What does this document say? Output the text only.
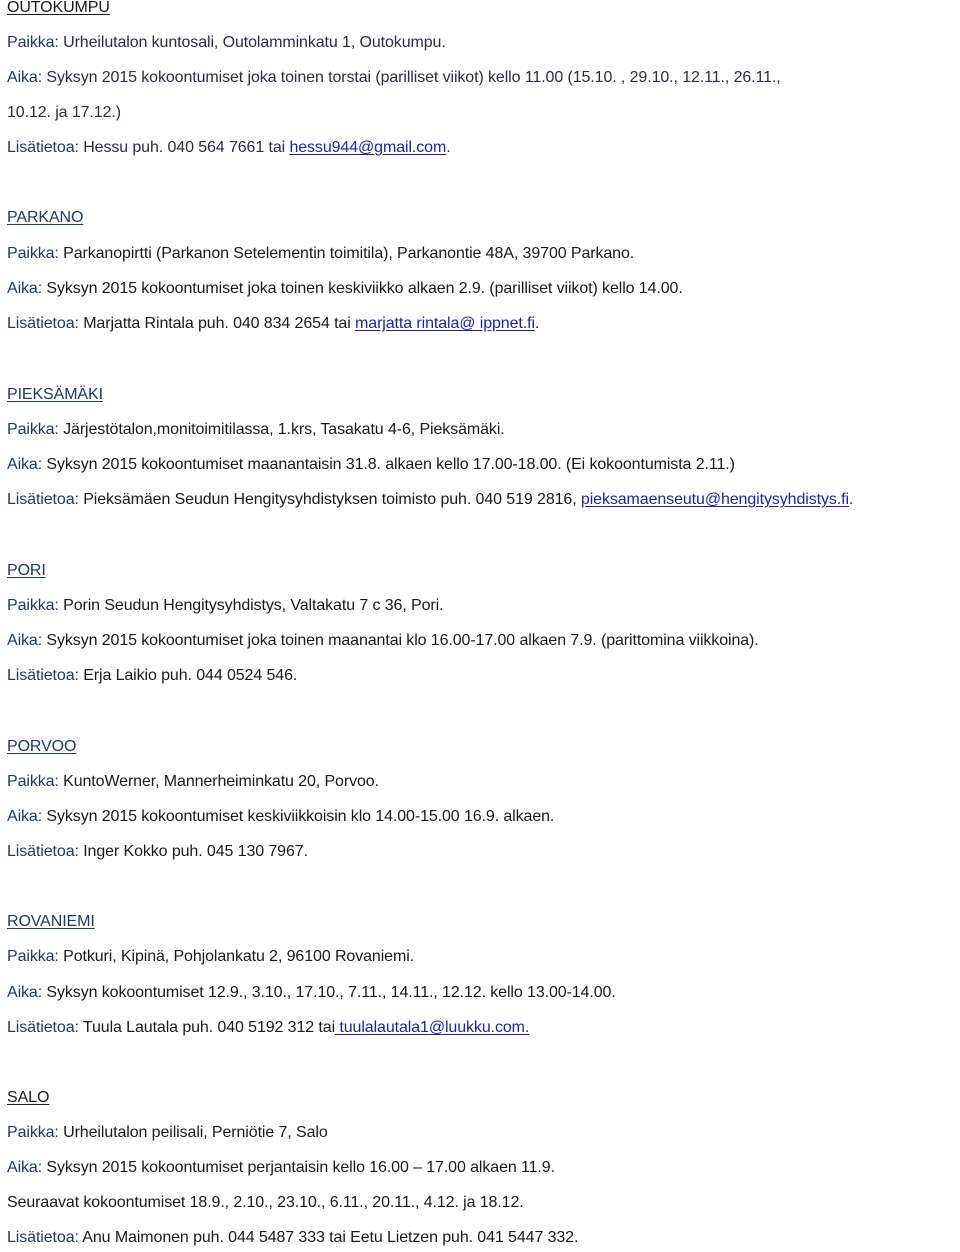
OUTOKUMPU
Paikka: Urheilutalon kuntosali, Outolamminkatu 1, Outokumpu.
Aika: Syksyn 2015 kokoontumiset joka toinen torstai (parilliset viikot) kello 11.00 (15.10. , 29.10., 12.11., 26.11.,
10.12. ja 17.12.)
Lisätietoa: Hessu puh. 040 564 7661 tai hessu944@gmail.com.
PARKANO
Paikka: Parkanopirtti (Parkanon Setelementin toimitila), Parkanontie 48A, 39700 Parkano.
Aika: Syksyn 2015 kokoontumiset joka toinen keskiviikko alkaen 2.9. (parilliset viikot) kello 14.00.
Lisätietoa: Marjatta Rintala puh. 040 834 2654 tai marjatta rintala@ ippnet.fi.
PIEKSÄMÄKI
Paikka: Järjestötalon,monitoimitilassa, 1.krs, Tasakatu 4-6, Pieksämäki.
Aika: Syksyn 2015 kokoontumiset maanantaisin 31.8. alkaen kello 17.00-18.00. (Ei kokoontumista 2.11.)
Lisätietoa: Pieksämäen Seudun Hengitysyhdistyksen toimisto puh. 040 519 2816, pieksamaenseutu@hengitysyhdistys.fi.
PORI
Paikka: Porin Seudun Hengitysyhdistys, Valtakatu 7 c 36, Pori.
Aika: Syksyn 2015 kokoontumiset joka toinen maanantai klo 16.00-17.00 alkaen 7.9. (parittomina viikkoina).
Lisätietoa: Erja Laikio puh. 044 0524 546.
PORVOO
Paikka: KuntoWerner, Mannerheiminkatu 20, Porvoo.
Aika: Syksyn 2015 kokoontumiset keskiviikkoisin klo 14.00-15.00 16.9. alkaen.
Lisätietoa: Inger Kokko puh. 045 130 7967.
ROVANIEMI
Paikka: Potkuri, Kipinä, Pohjolankatu 2, 96100 Rovaniemi.
Aika: Syksyn kokoontumiset 12.9., 3.10., 17.10., 7.11., 14.11., 12.12. kello 13.00-14.00.
Lisätietoa: Tuula Lautala puh. 040 5192 312 tai tuulalautala1@luukku.com.
SALO
Paikka: Urheilutalon peilisali, Perniötie 7, Salo
Aika: Syksyn 2015 kokoontumiset perjantaisin kello 16.00 – 17.00 alkaen 11.9.
Seuraavat kokoontumiset 18.9., 2.10., 23.10., 6.11., 20.11., 4.12. ja 18.12.
Lisätietoa: Anu Maimonen puh. 044 5487 333 tai Eetu Lietzen puh. 041 5447 332.
